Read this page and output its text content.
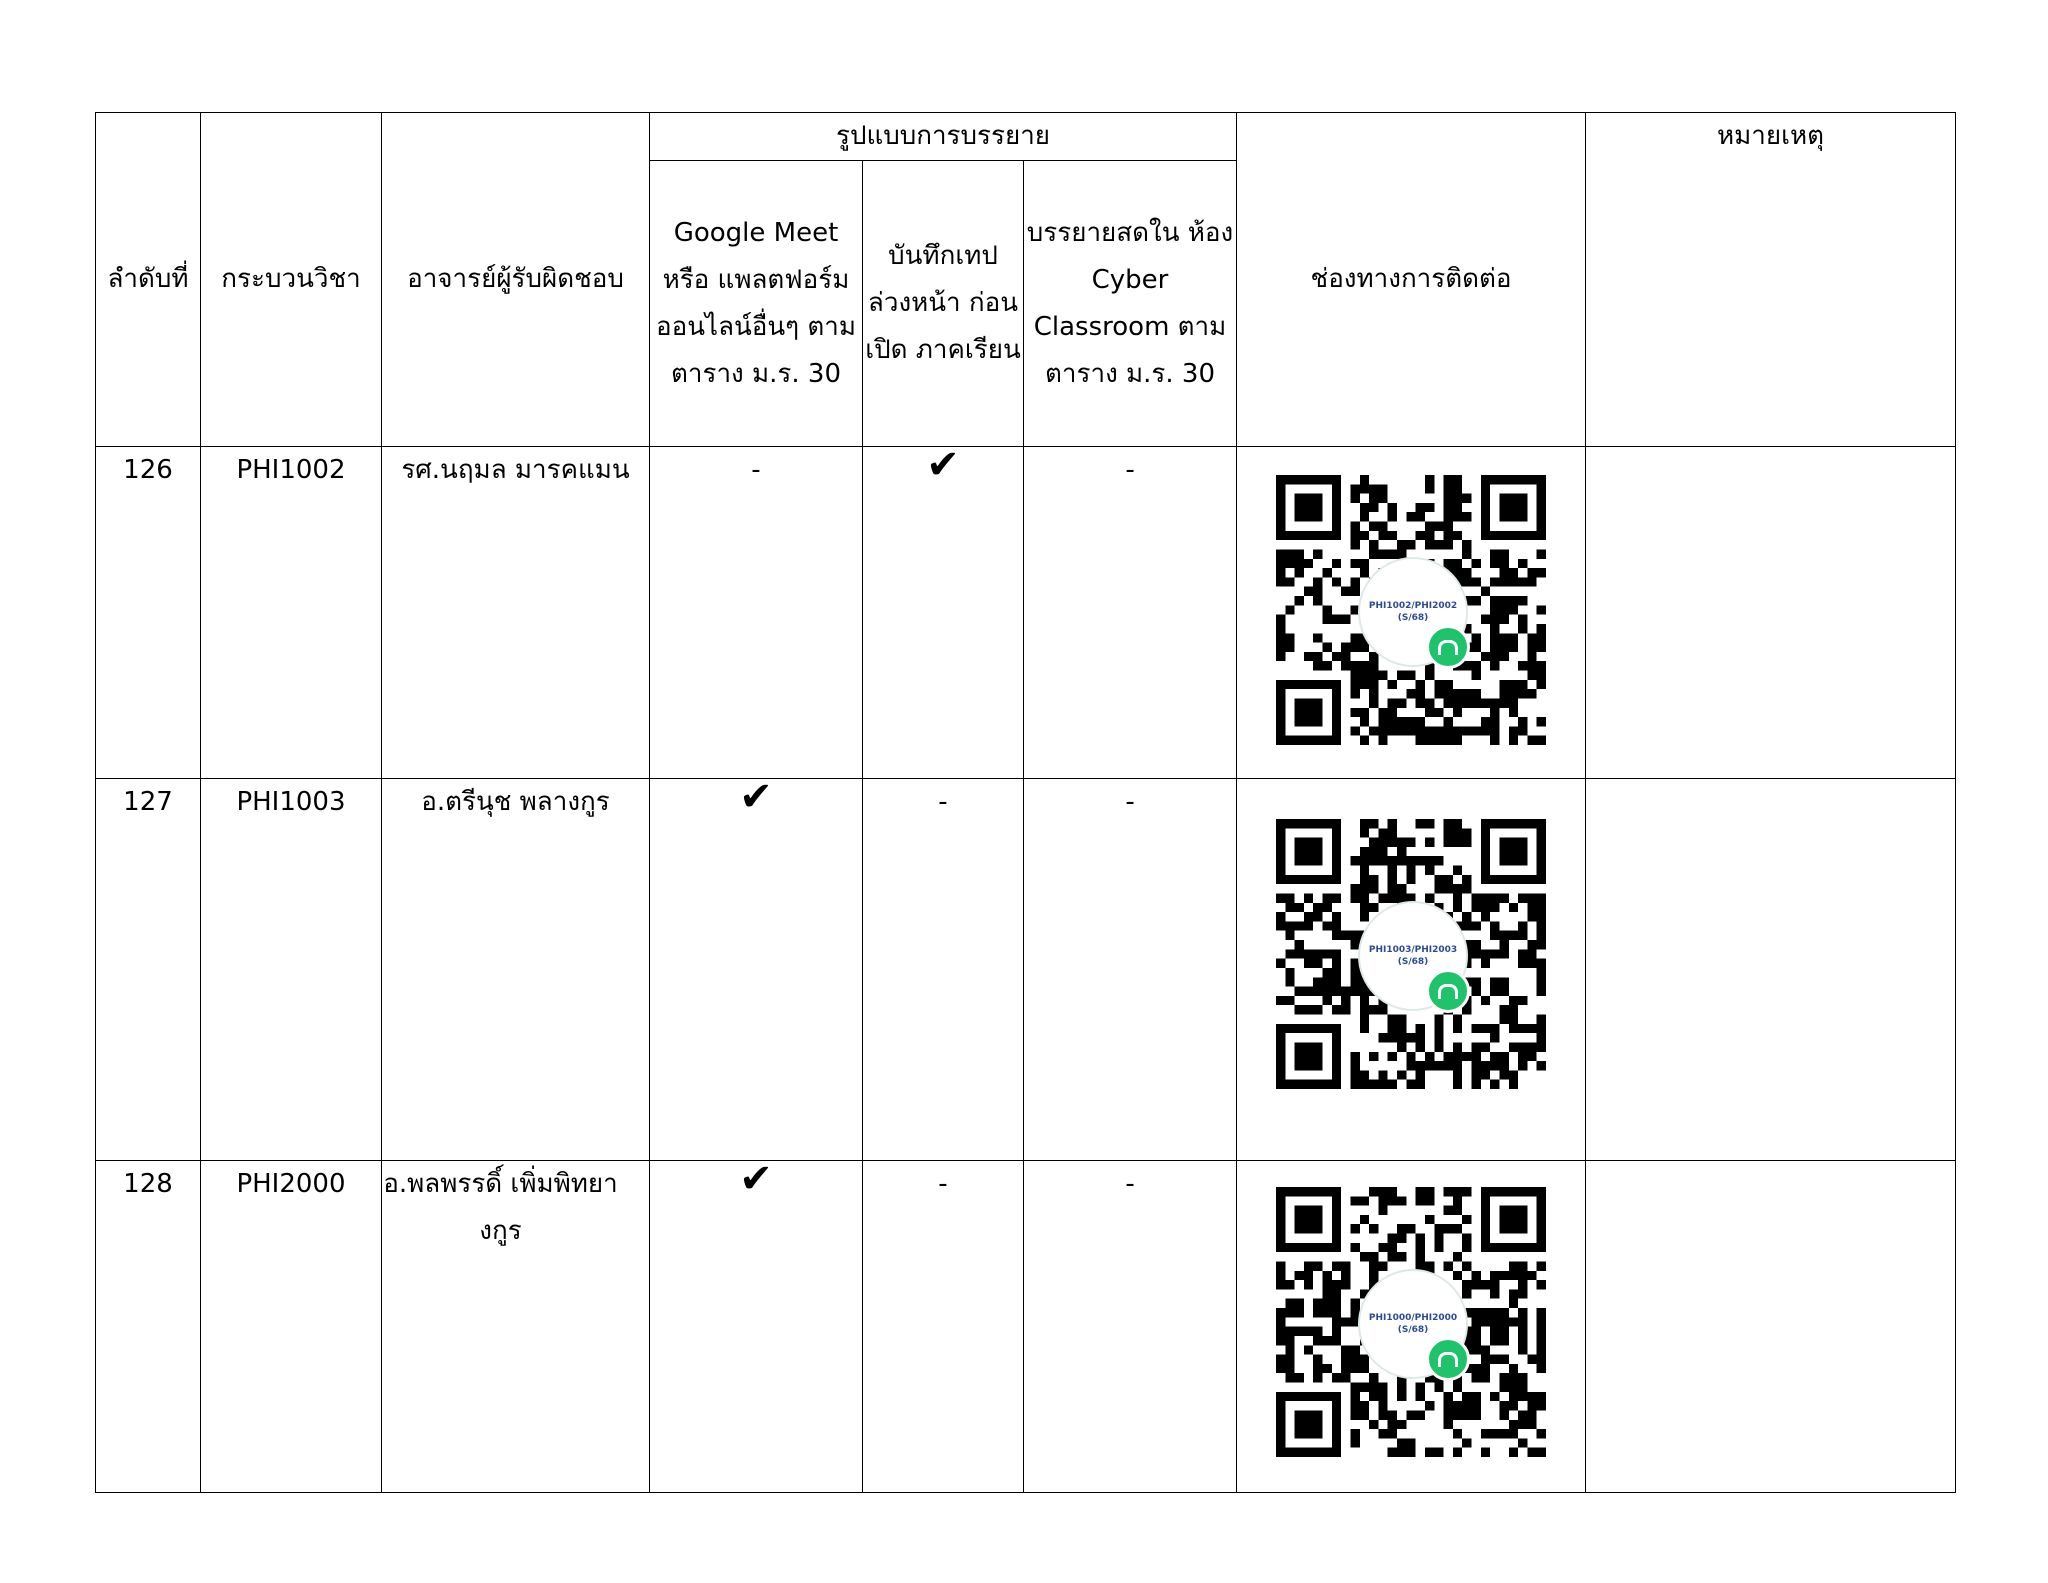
ลำดับที่	กระบวนวิชา	อาจารย์ผู้รับผิดชอบ	รูปแบบการบรรยาย			ช่องทางการติดต่อ	หมายเหตุ
			Google Meet หรือ แพลตฟอร์ม ออนไลน์อื่นๆ ตามตาราง ม.ร. 30	บันทึกเทป ล่วงหน้า ก่อนเปิด ภาคเรียน	บรรยายสดใน ห้อง Cyber Classroom ตามตาราง ม.ร. 30		
126	PHI1002	รศ.นฤมล มารคแมน	-	✔	-	PHI1002/PHI2002
(S/68)	

127	PHI1003	อ.ตรีนุช พลางกูร	✔	-	-	PHI1003/PHI2003
(S/68)	

128	PHI2000	อ.พลพรรดิ์ เพิ่มพิทยางกูร	✔	-	-	PHI1000/PHI2000
(S/68)	
